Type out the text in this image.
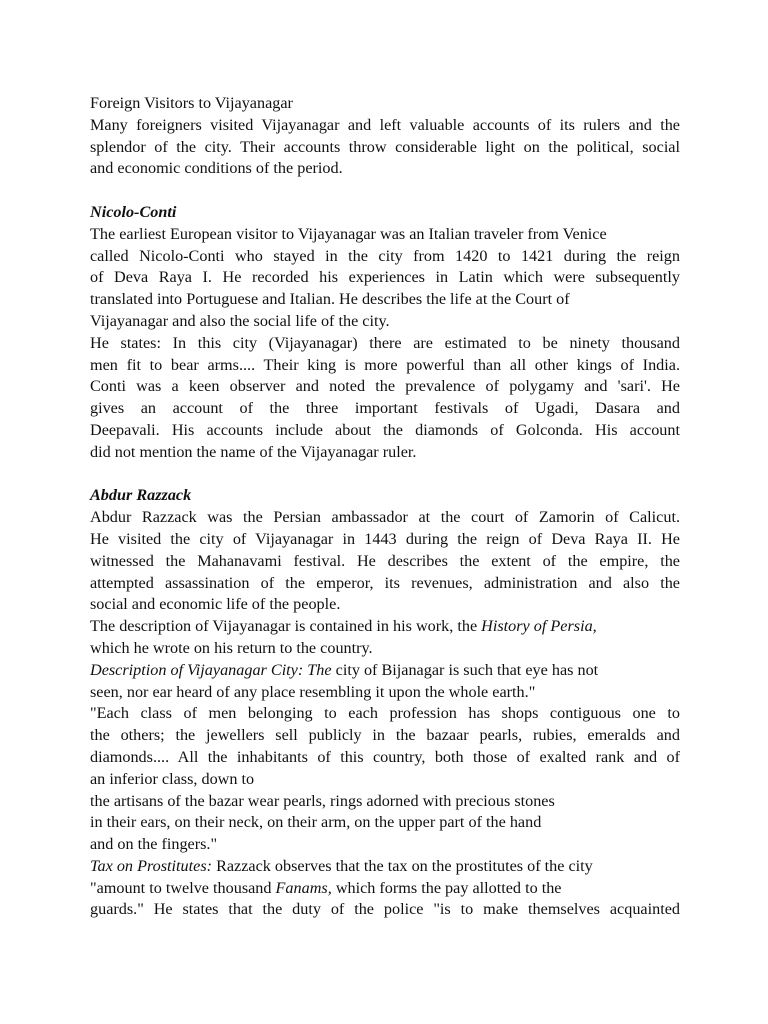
Foreign Visitors to Vijayanagar
Many foreigners visited Vijayanagar and left valuable accounts of its rulers and the
splendor of the city. Their accounts throw considerable light on the political, social
and economic conditions of the period.
Nicolo-Conti
The earliest European visitor to Vijayanagar was an Italian traveler from Venice
called Nicolo-Conti who stayed in the city from 1420 to 1421 during the reign
of Deva Raya I. He recorded his experiences in Latin which were subsequently
translated into Portuguese and Italian. He describes the life at the Court of
Vijayanagar and also the social life of the city.
He states: In this city (Vijayanagar) there are estimated to be ninety thousand
men fit to bear arms.... Their king is more powerful than all other kings of India.
Conti was a keen observer and noted the prevalence of polygamy and 'sari'. He
gives an account of the three important festivals of Ugadi, Dasara and
Deepavali. His accounts include about the diamonds of Golconda. His account
did not mention the name of the Vijayanagar ruler.
Abdur Razzack
Abdur Razzack was the Persian ambassador at the court of Zamorin of Calicut.
He visited the city of Vijayanagar in 1443 during the reign of Deva Raya II. He
witnessed the Mahanavami festival. He describes the extent of the empire, the
attempted assassination of the emperor, its revenues, administration and also the
social and economic life of the people.
The description of Vijayanagar is contained in his work, the History of Persia,
which he wrote on his return to the country.
Description of Vijayanagar City: The city of Bijanagar is such that eye has not
seen, nor ear heard of any place resembling it upon the whole earth."
"Each class of men belonging to each profession has shops contiguous one to
the others; the jewellers sell publicly in the bazaar pearls, rubies, emeralds and
diamonds.... All the inhabitants of this country, both those of exalted rank and of
an inferior class, down to
the artisans of the bazar wear pearls, rings adorned with precious stones
in their ears, on their neck, on their arm, on the upper part of the hand
and on the fingers."
Tax on Prostitutes: Razzack observes that the tax on the prostitutes of the city
"amount to twelve thousand Fanams, which forms the pay allotted to the
guards." He states that the duty of the police "is to make themselves acquainted
